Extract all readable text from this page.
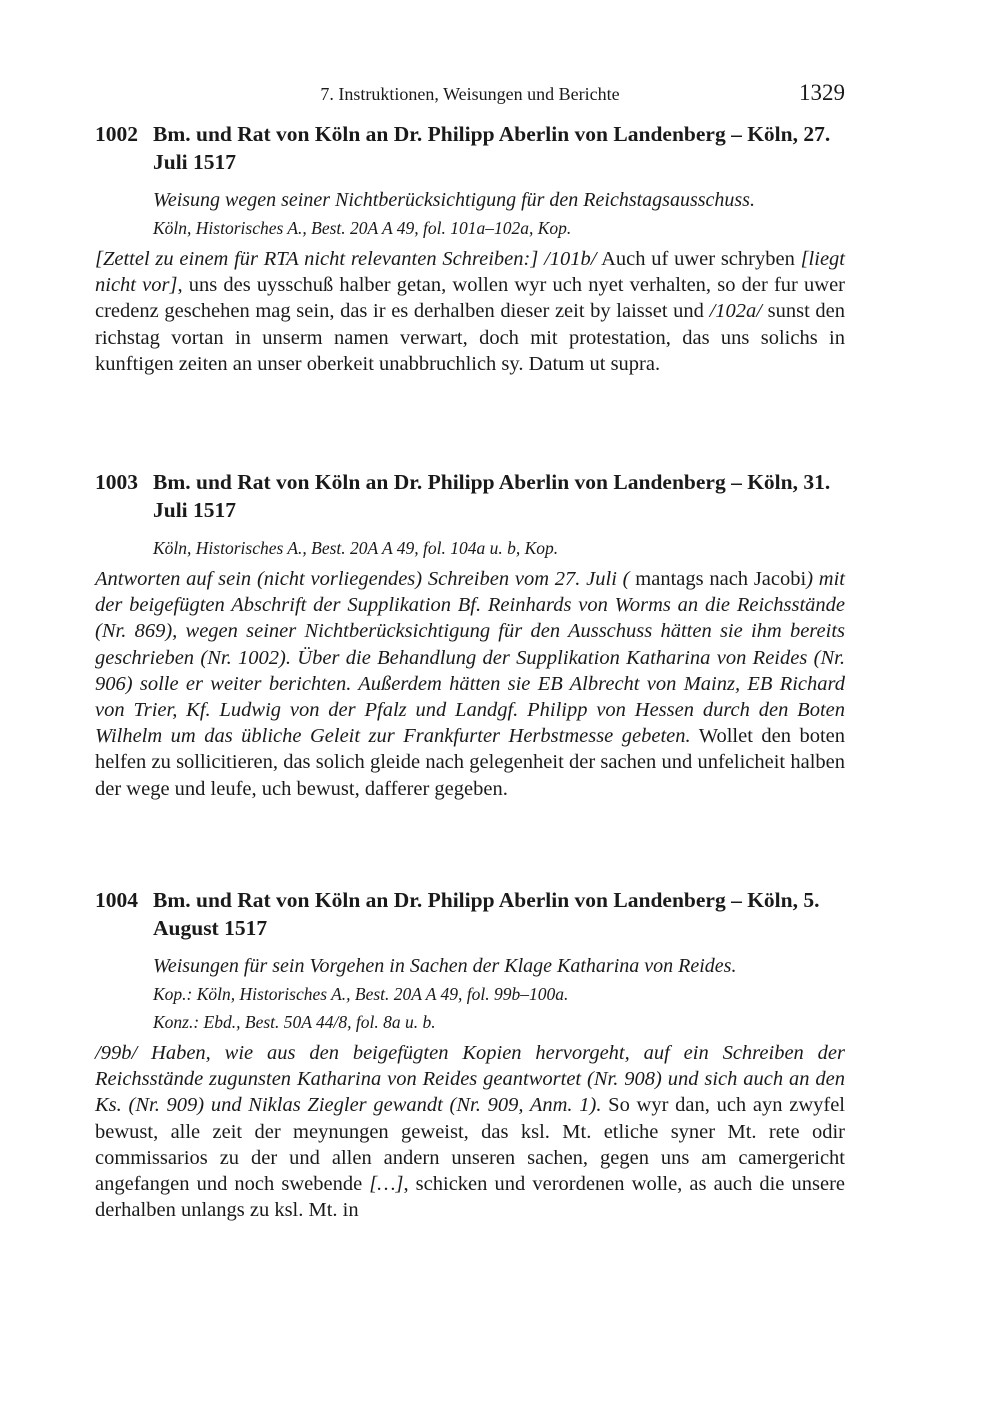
7. Instruktionen, Weisungen und Berichte	1329
1002 Bm. und Rat von Köln an Dr. Philipp Aberlin von Landenberg – Köln, 27. Juli 1517
Weisung wegen seiner Nichtberücksichtigung für den Reichstagsausschuss.
Köln, Historisches A., Best. 20A A 49, fol. 101a–102a, Kop.
[Zettel zu einem für RTA nicht relevanten Schreiben:] /101b/ Auch uf uwer schryben [liegt nicht vor], uns des uysschuß halber getan, wollen wyr uch nyet verhalten, so der fur uwer credenz geschehen mag sein, das ir es derhalben dieser zeit by laisset und /102a/ sunst den richstag vortan in unserm namen verwart, doch mit protestation, das uns solichs in kunftigen zeiten an unser oberkeit unabbruchlich sy. Datum ut supra.
1003 Bm. und Rat von Köln an Dr. Philipp Aberlin von Landenberg – Köln, 31. Juli 1517
Köln, Historisches A., Best. 20A A 49, fol. 104a u. b, Kop.
Antworten auf sein (nicht vorliegendes) Schreiben vom 27. Juli ( mantags nach Jacobi) mit der beigefügten Abschrift der Supplikation Bf. Reinhards von Worms an die Reichsstände (Nr. 869), wegen seiner Nichtberücksichtigung für den Ausschuss hätten sie ihm bereits geschrieben (Nr. 1002). Über die Behandlung der Supplikation Katharina von Reides (Nr. 906) solle er weiter berichten. Außerdem hätten sie EB Albrecht von Mainz, EB Richard von Trier, Kf. Ludwig von der Pfalz und Landgf. Philipp von Hessen durch den Boten Wilhelm um das übliche Geleit zur Frankfurter Herbstmesse gebeten. Wollet den boten helfen zu sollicitieren, das solich gleide nach gelegenheit der sachen und unfelicheit halben der wege und leufe, uch bewust, dafferer gegeben.
1004 Bm. und Rat von Köln an Dr. Philipp Aberlin von Landenberg – Köln, 5. August 1517
Weisungen für sein Vorgehen in Sachen der Klage Katharina von Reides.
Kop.: Köln, Historisches A., Best. 20A A 49, fol. 99b–100a.
Konz.: Ebd., Best. 50A 44/8, fol. 8a u. b.
/99b/ Haben, wie aus den beigefügten Kopien hervorgeht, auf ein Schreiben der Reichsstände zugunsten Katharina von Reides geantwortet (Nr. 908) und sich auch an den Ks. (Nr. 909) und Niklas Ziegler gewandt (Nr. 909, Anm. 1). So wyr dan, uch ayn zwyfel bewust, alle zeit der meynungen geweist, das ksl. Mt. etliche syner Mt. rete odir commissarios zu der und allen andern unseren sachen, gegen uns am camergericht angefangen und noch swebende […], schicken und verordenen wolle, as auch die unsere derhalben unlangs zu ksl. Mt. in
